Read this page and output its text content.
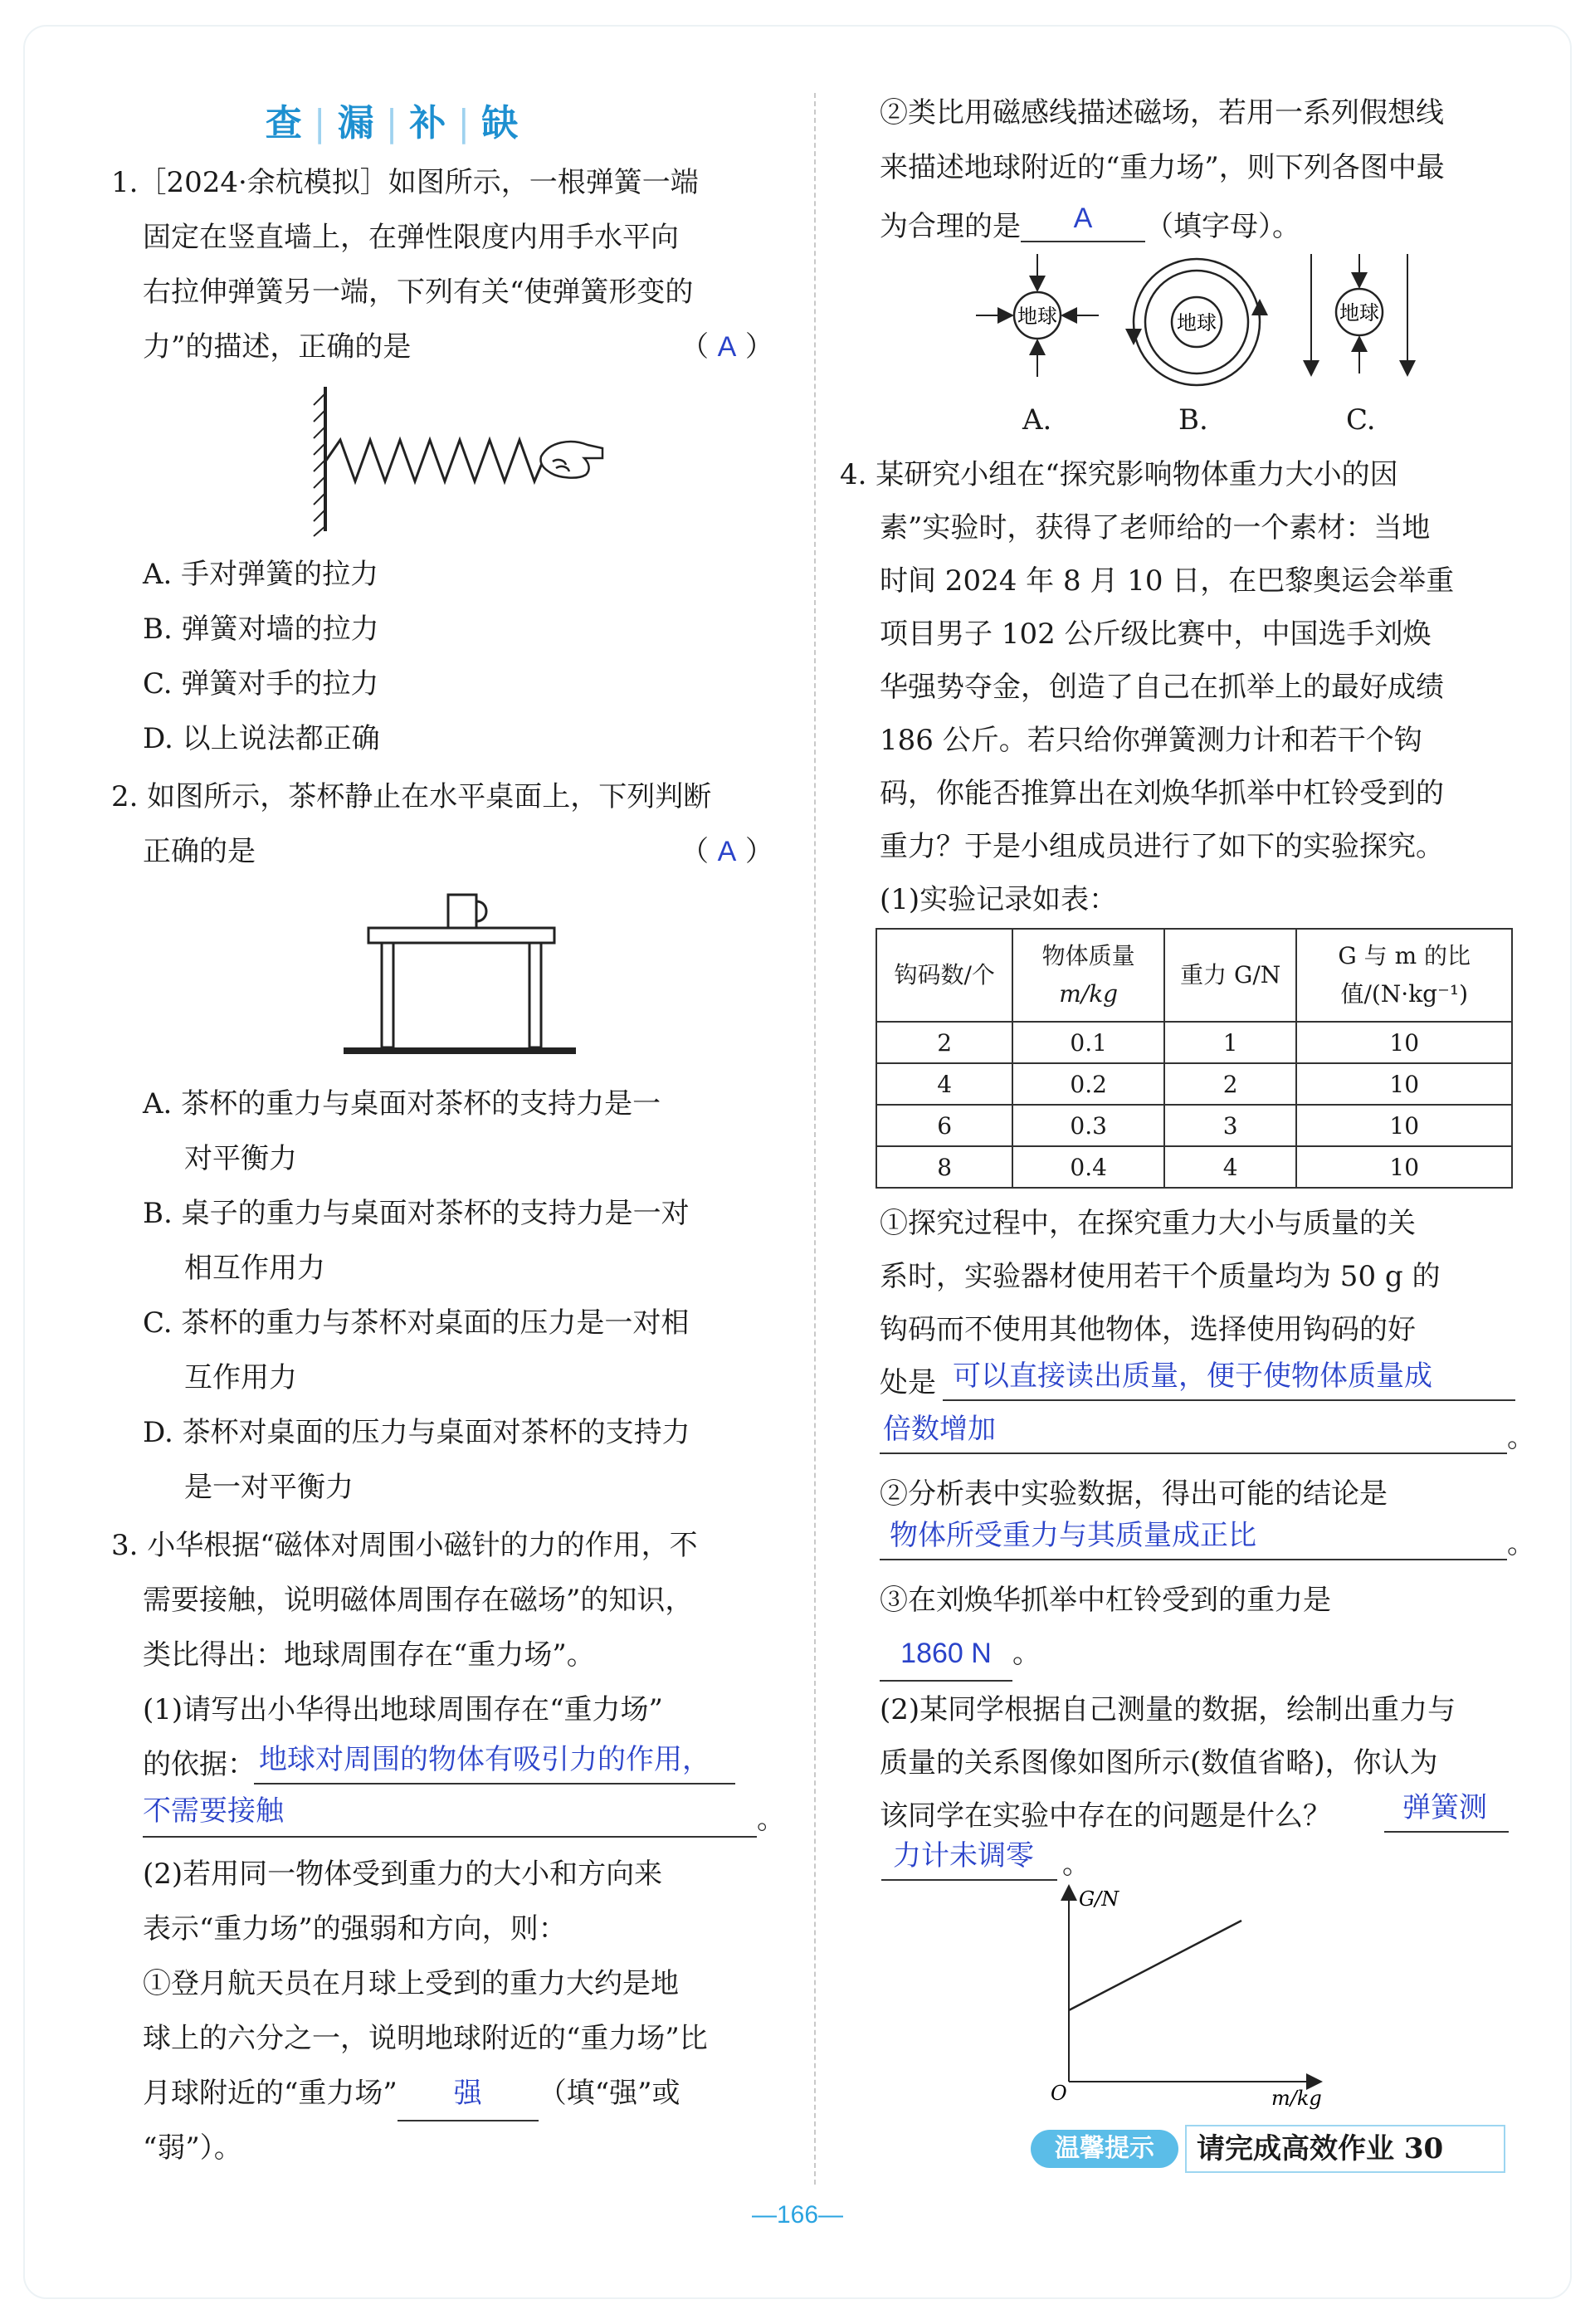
查 | 漏 | 补 | 缺
1.［2024·余杭模拟］如图所示，一根弹簧一端
固定在竖直墙上，在弹性限度内用手水平向
右拉伸弹簧另一端，下列有关“使弹簧形变的
力”的描述，正确的是	（ A ）
A. 手对弹簧的拉力
B. 弹簧对墙的拉力
C. 弹簧对手的拉力
D. 以上说法都正确
2. 如图所示，茶杯静止在水平桌面上，下列判断
正确的是	（ A ）
A. 茶杯的重力与桌面对茶杯的支持力是一
对平衡力
B. 桌子的重力与桌面对茶杯的支持力是一对
相互作用力
C. 茶杯的重力与茶杯对桌面的压力是一对相
互作用力
D. 茶杯对桌面的压力与桌面对茶杯的支持力
是一对平衡力
3. 小华根据“磁体对周围小磁针的力的作用，不
需要接触，说明磁体周围存在磁场”的知识，
类比得出：地球周围存在“重力场”。
(1)请写出小华得出地球周围存在“重力场”
的依据： 地球对周围的物体有吸引力的作用，
不需要接触	。
(2)若用同一物体受到重力的大小和方向来
表示“重力场”的强弱和方向，则：
①登月航天员在月球上受到的重力大约是地
球上的六分之一，说明地球附近的“重力场”比
月球附近的“重力场” 强 （填“强”或
“弱”）。
②类比用磁感线描述磁场，若用一系列假想线
来描述地球附近的“重力场”，则下列各图中最
为合理的是 A （填字母）。
地球	地球	地球
A.	B.	C.
4. 某研究小组在“探究影响物体重力大小的因
素”实验时，获得了老师给的一个素材：当地
时间 2024 年 8 月 10 日，在巴黎奥运会举重
项目男子 102 公斤级比赛中，中国选手刘焕
华强势夺金，创造了自己在抓举上的最好成绩
186 公斤。若只给你弹簧测力计和若干个钩
码，你能否推算出在刘焕华抓举中杠铃受到的
重力？于是小组成员进行了如下的实验探究。
(1)实验记录如表：
钩码数/个	物体质量
m/kg	重力 G/N	G 与 m 的比
值/(N·kg⁻¹)
2	0.1	1	10
4	0.2	2	10
6	0.3	3	10
8	0.4	4	10
①探究过程中，在探究重力大小与质量的关
系时，实验器材使用若干个质量均为 50 g 的
钩码而不使用其他物体，选择使用钩码的好
处是 可以直接读出质量，便于使物体质量成
倍数增加	。
②分析表中实验数据，得出可能的结论是
物体所受重力与其质量成正比	。
③在刘焕华抓举中杠铃受到的重力是
1860 N 。
(2)某同学根据自己测量的数据，绘制出重力与
质量的关系图像如图所示(数值省略)，你认为
该同学在实验中存在的问题是什么？	弹簧测
力计未调零 。
G/N
m/kg
O
温馨提示	请完成高效作业 30
—166—
